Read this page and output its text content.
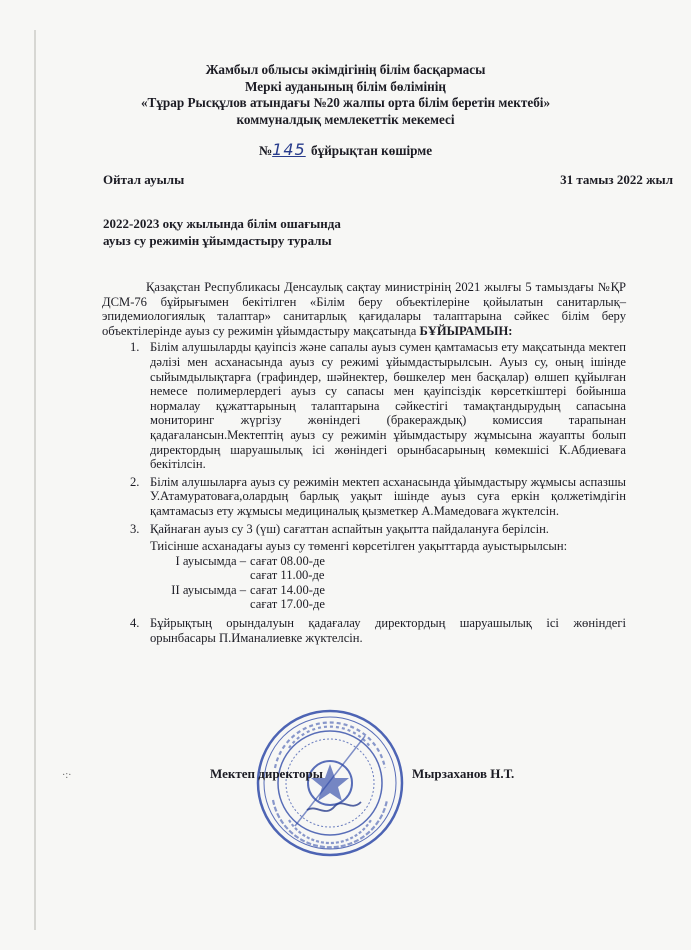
Жамбыл облысы әкімдігінің білім басқармасы
Меркі ауданының білім бөлімінің
«Тұрар Рысқұлов атындағы №20 жалпы орта білім беретін мектебі»
коммуналдық мемлекеттік мекемесі
№145 бұйрықтан көшірме
Ойтал ауылы	31 тамыз 2022 жыл
2022-2023 оқу жылында білім ошағында
ауыз су режимін ұйымдастыру туралы

Қазақстан Республикасы Денсаулық сақтау министрінің 2021 жылғы 5 тамыздағы №ҚР ДСМ-76 бұйрығымен бекітілген «Білім беру объектілеріне қойылатын санитарлық–эпидемиологиялық талаптар» санитарлық қағидалары талаптарына сәйкес білім беру объектілерінде ауыз су режимін ұйымдастыру мақсатында БҰЙЫРАМЫН:

1. Білім алушыларды қауіпсіз және сапалы ауыз сумен қамтамасыз ету мақсатында мектеп дәлізі мен асханасында ауыз су режимі ұйымдастырылсын. Ауыз су, оның ішінде сыйымдылықтарға (графиндер, шәйнектер, бөшкелер мен басқалар) өлшеп құйылған немесе полимерлердегі ауыз су сапасы мен қауіпсіздік көрсеткіштері бойынша нормалау құжаттарының талаптарына сәйкестігі тамақтандырудың сапасына мониторинг жүргізу жөніндегі (бракераждық) комиссия тарапынан қадағалансын.Мектептің ауыз су режимін ұйымдастыру жұмысына жауапты болып директордың шаруашылық ісі жөніндегі орынбасарының көмекшісі К.Абдиеваға бекітілсін.
2. Білім алушыларға ауыз су режимін мектеп асханасында ұйымдастыру жұмысы аспазшы У.Атамуратоваға,олардың барлық уақыт ішінде ауыз суға еркін қолжетімдігін қамтамасыз ету жұмысы медициналық қызметкер А.Мамедоваға жүктелсін.
3. Қайнаған ауыз су 3 (үш) сағаттан аспайтын уақытта пайдалануға берілсін.
Тиісінше асханадағы ауыз су төменгі көрсетілген уақыттарда ауыстырылсын:
І ауысымда – сағат 08.00-де
сағат 11.00-де
ІІ ауысымда – сағат 14.00-де
сағат 17.00-де
4. Бұйрықтың орындалуын қадағалау директордың шаруашылық ісі жөніндегі орынбасары П.Иманалиевке жүктелсін.
Мектеп директоры	Мырзаханов Н.Т.
·:·
